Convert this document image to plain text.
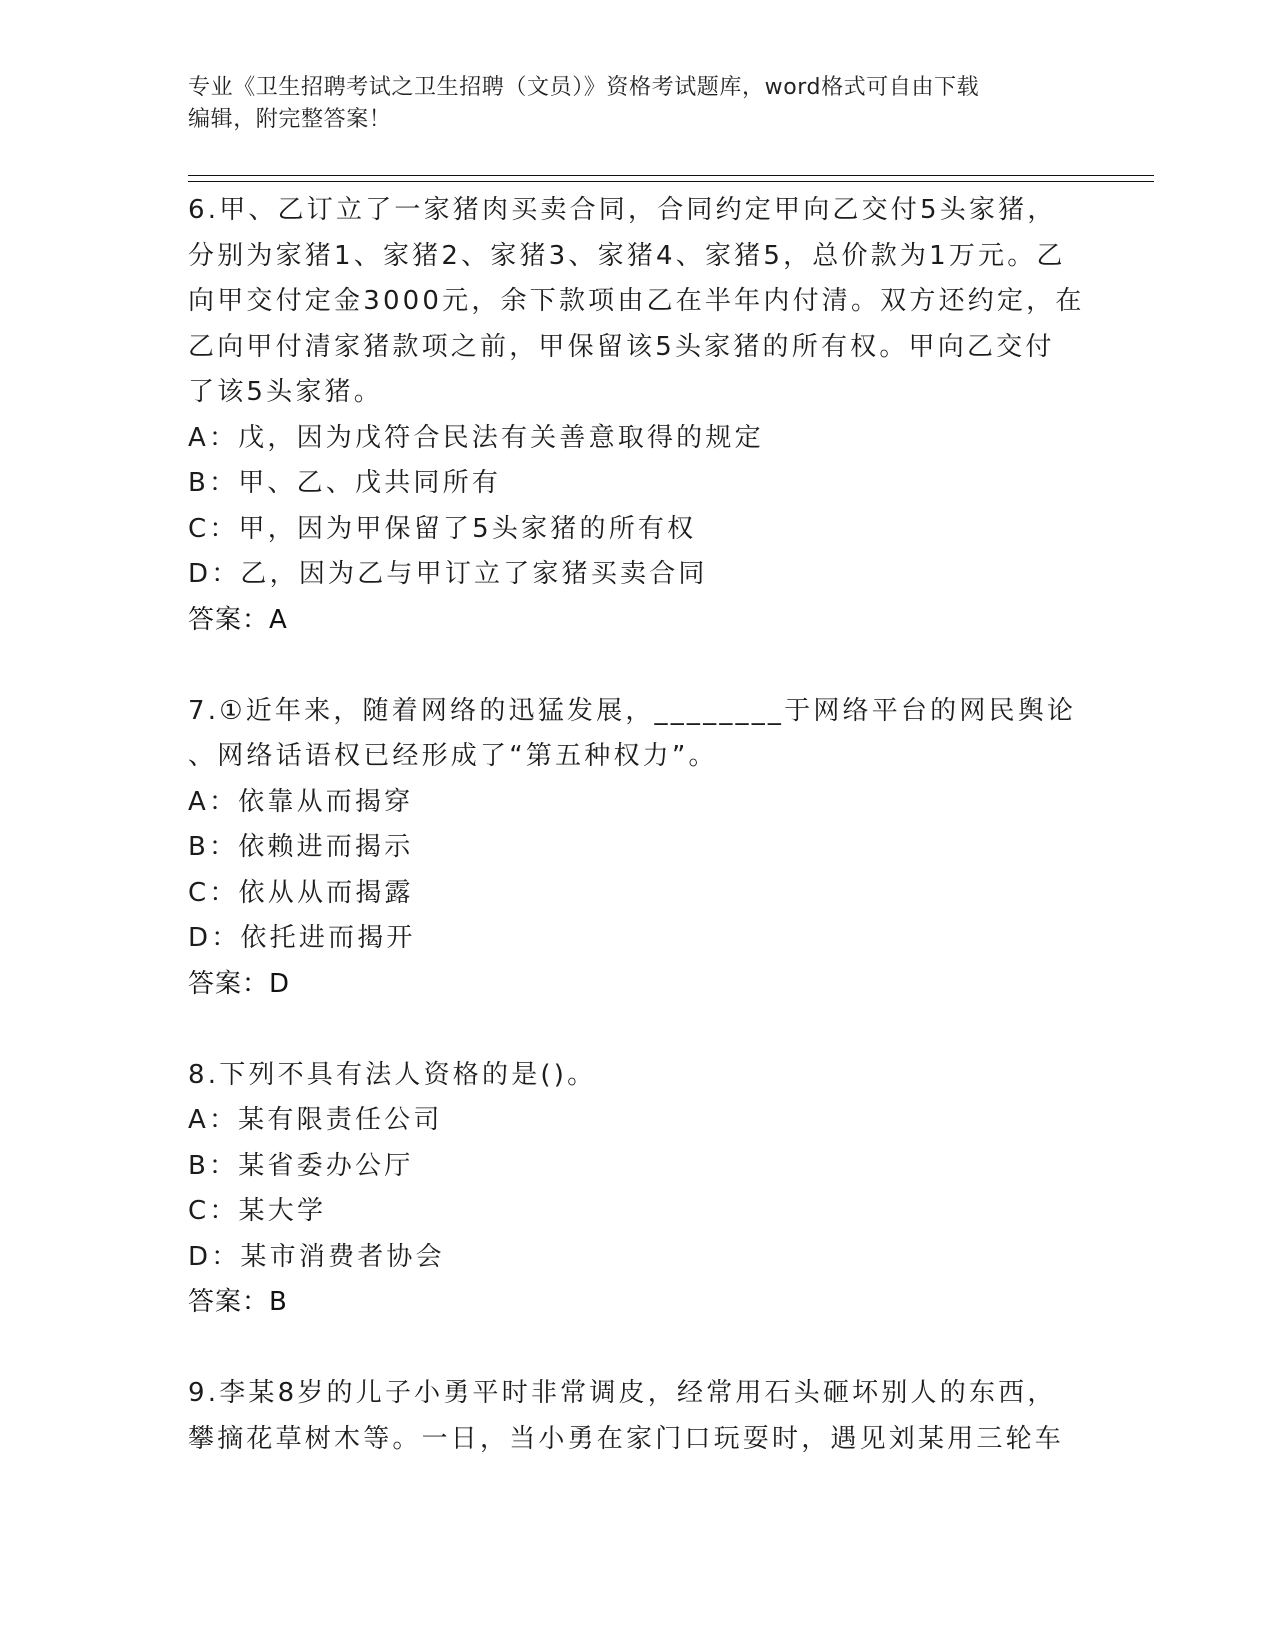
专业《卫生招聘考试之卫生招聘（文员）》资格考试题库，word格式可自由下载
编辑，附完整答案！
6.甲、乙订立了一家猪肉买卖合同，合同约定甲向乙交付5头家猪，
分别为家猪1、家猪2、家猪3、家猪4、家猪5，总价款为1万元。乙
向甲交付定金3000元，余下款项由乙在半年内付清。双方还约定，在
乙向甲付清家猪款项之前，甲保留该5头家猪的所有权。甲向乙交付
了该5头家猪。
A：戊，因为戊符合民法有关善意取得的规定
B：甲、乙、戊共同所有
C：甲，因为甲保留了5头家猪的所有权
D：乙，因为乙与甲订立了家猪买卖合同
答案：A
7.①近年来，随着网络的迅猛发展，________于网络平台的网民舆论
、网络话语权已经形成了“第五种权力”。
A：依靠从而揭穿
B：依赖进而揭示
C：依从从而揭露
D：依托进而揭开
答案：D
8.下列不具有法人资格的是()。
A：某有限责任公司
B：某省委办公厅
C：某大学
D：某市消费者协会
答案：B
9.李某8岁的儿子小勇平时非常调皮，经常用石头砸坏别人的东西，
攀摘花草树木等。一日，当小勇在家门口玩耍时，遇见刘某用三轮车
